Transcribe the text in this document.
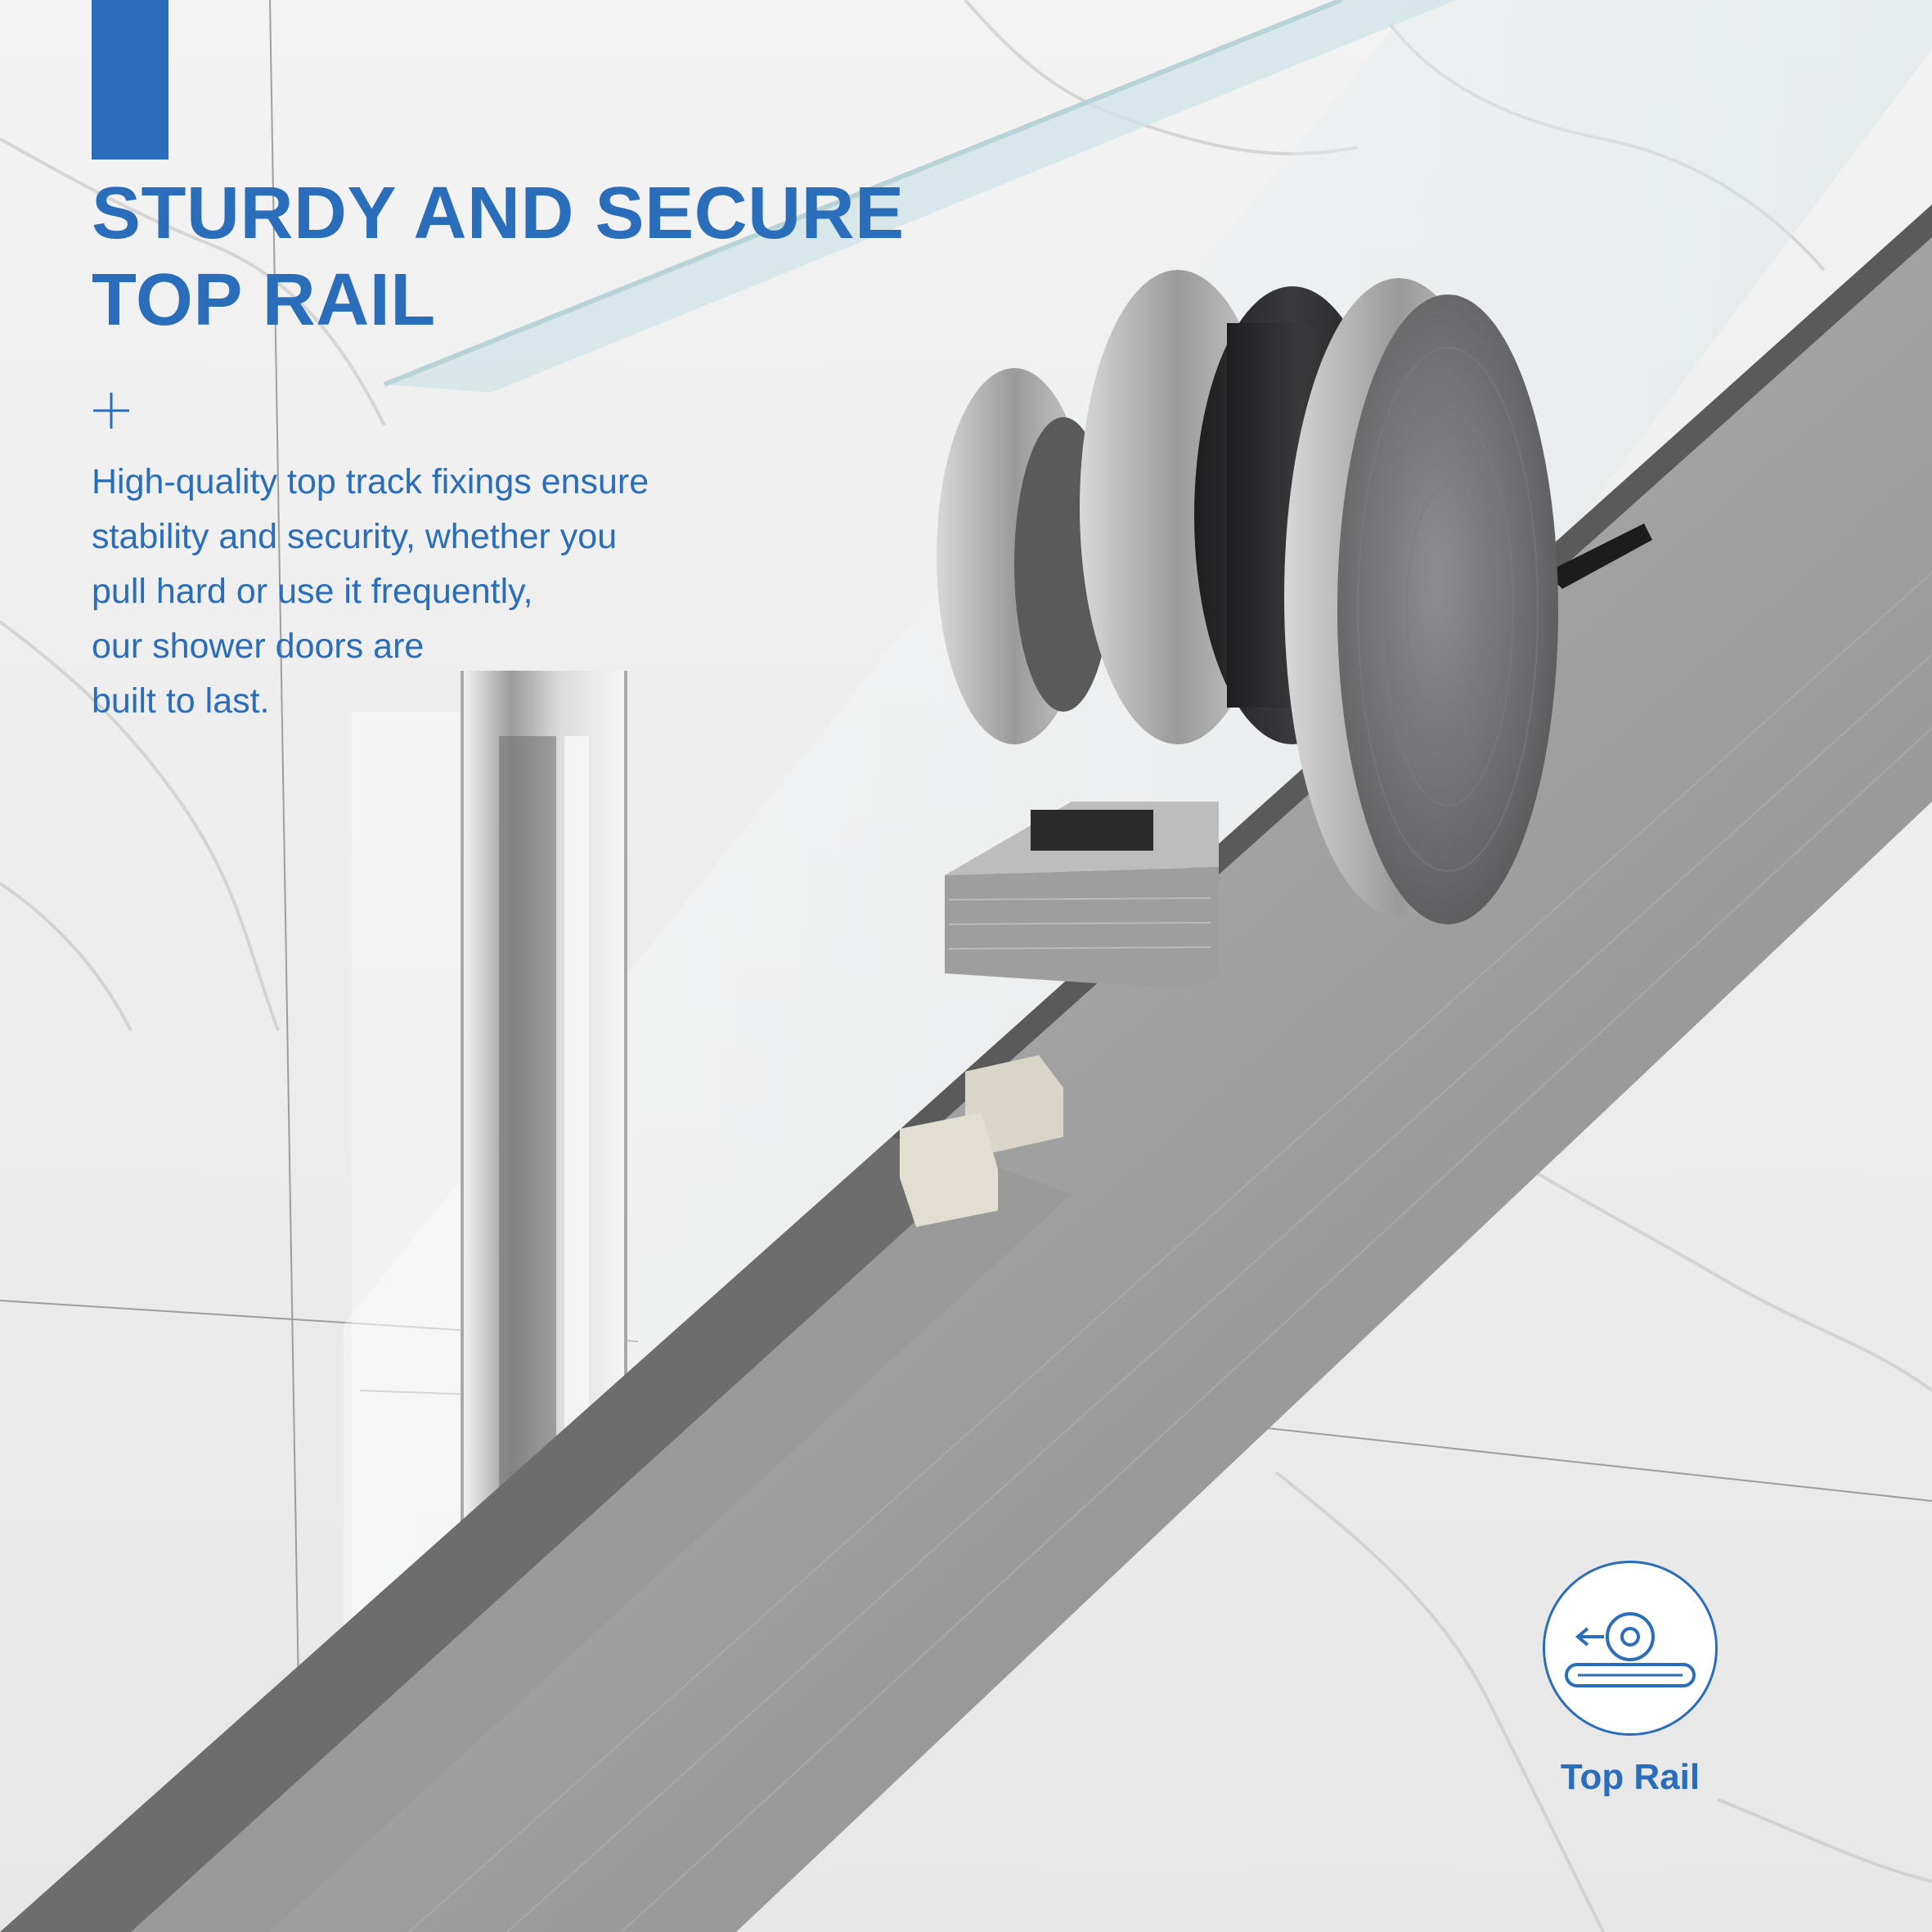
STURDY AND SECURE
TOP RAIL

High-quality top track fixings ensure
stability and security, whether you
pull hard or use it frequently,
our shower doors are
built to last.

Top Rail
